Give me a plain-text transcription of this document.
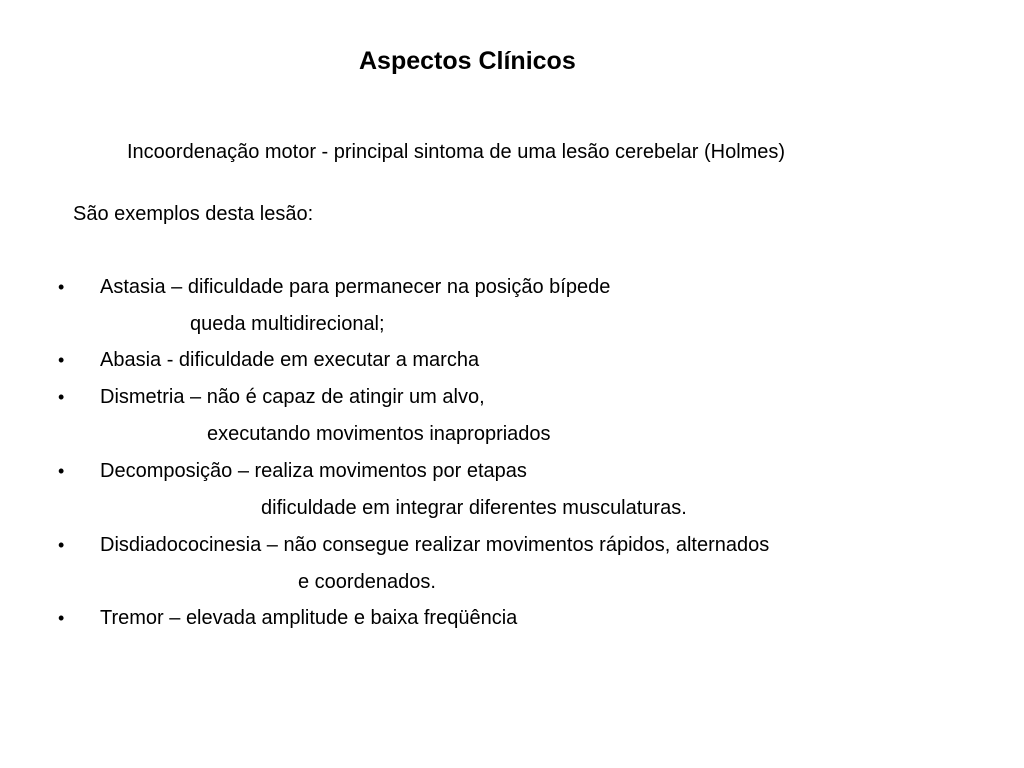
Aspectos Clínicos
Incoordenação motor - principal sintoma de uma lesão cerebelar (Holmes)
São exemplos desta lesão:
• Astasia – dificuldade para permanecer na posição bípede
queda multidirecional;
• Abasia - dificuldade em executar a marcha
• Dismetria – não é capaz de atingir um alvo,
executando movimentos inapropriados
• Decomposição – realiza movimentos por etapas
dificuldade em integrar diferentes musculaturas.
• Disdiadococinesia – não consegue realizar movimentos rápidos, alternados
e coordenados.
• Tremor – elevada amplitude e baixa freqüência
